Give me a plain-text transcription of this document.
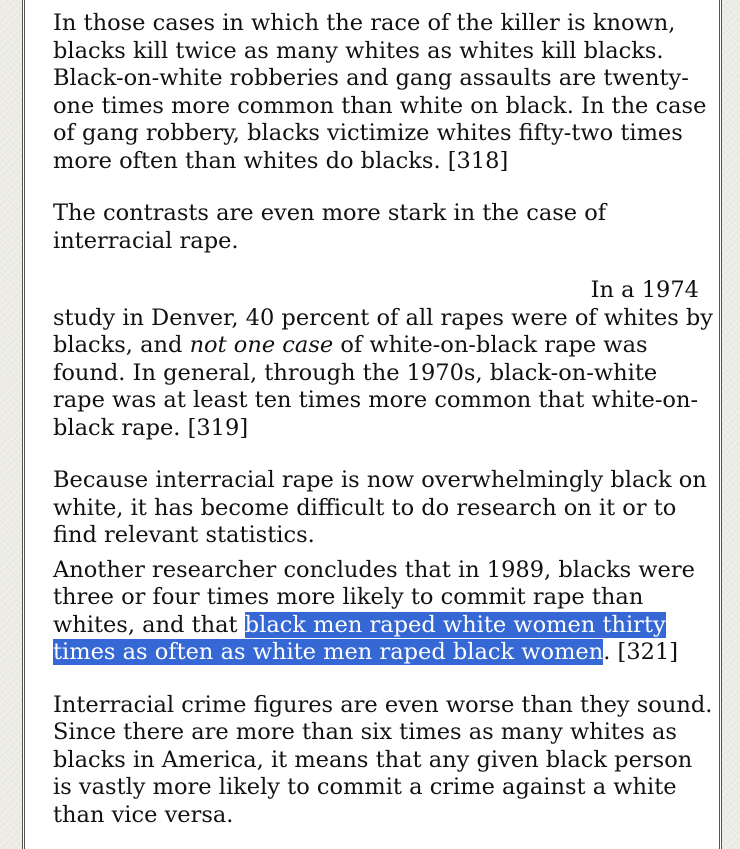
In those cases in which the race of the killer is known, blacks kill twice as many whites as whites kill blacks. Black-on-white robberies and gang assaults are twenty-one times more common than white on black. In the case of gang robbery, blacks victimize whites fifty-two times more often than whites do blacks. [318]

The contrasts are even more stark in the case of interracial rape.

In a 1974

study in Denver, 40 percent of all rapes were of whites by blacks, and not one case of white-on-black rape was found. In general, through the 1970s, black-on-white rape was at least ten times more common that white-on-black rape. [319]

Because interracial rape is now overwhelmingly black on white, it has become difficult to do research on it or to find relevant statistics.

Another researcher concludes that in 1989, blacks were three or four times more likely to commit rape than whites, and that black men raped white women thirty times as often as white men raped black women. [321]

Interracial crime figures are even worse than they sound. Since there are more than six times as many whites as blacks in America, it means that any given black person is vastly more likely to commit a crime against a white than vice versa.
